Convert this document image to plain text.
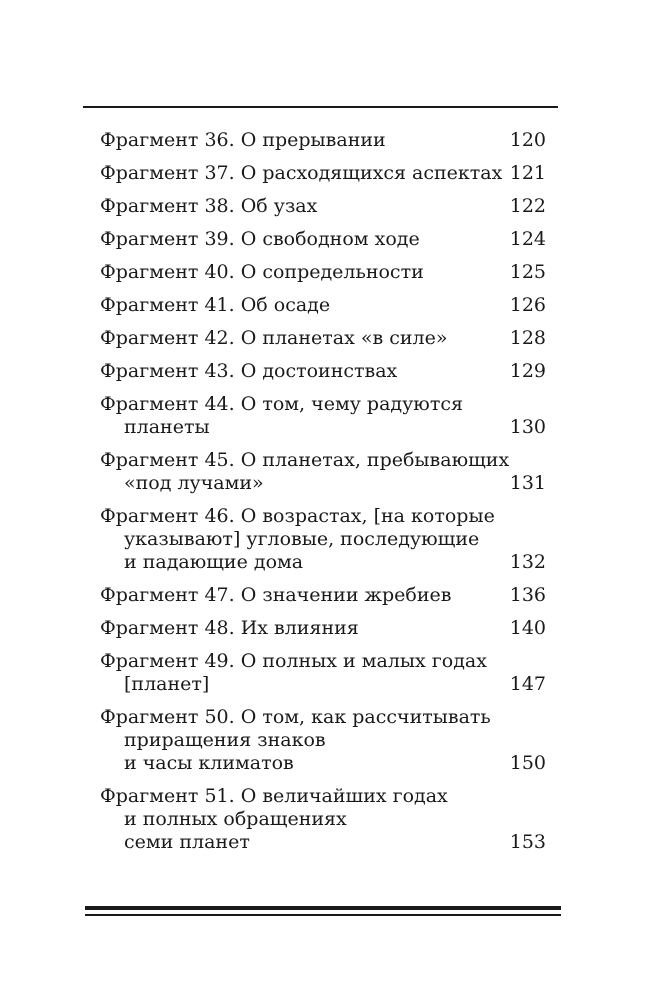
Фрагмент 36. О прерывании	120
Фрагмент 37. О расходящихся аспектах 121
Фрагмент 38. Об узах	122
Фрагмент 39. О свободном ходе	124
Фрагмент 40. О сопредельности	125
Фрагмент 41. Об осаде	126
Фрагмент 42. О планетах «в силе»	128
Фрагмент 43. О достоинствах	129
Фрагмент 44. О том, чему радуются
планеты	130
Фрагмент 45. О планетах, пребывающих
«под лучами»	131
Фрагмент 46. О возрастах, [на которые
указывают] угловые, последующие
и падающие дома	132
Фрагмент 47. О значении жребиев	136
Фрагмент 48. Их влияния	140
Фрагмент 49. О полных и малых годах
[планет]	147
Фрагмент 50. О том, как рассчитывать
приращения знаков
и часы климатов	150
Фрагмент 51. О величайших годах
и полных обращениях
семи планет	153
